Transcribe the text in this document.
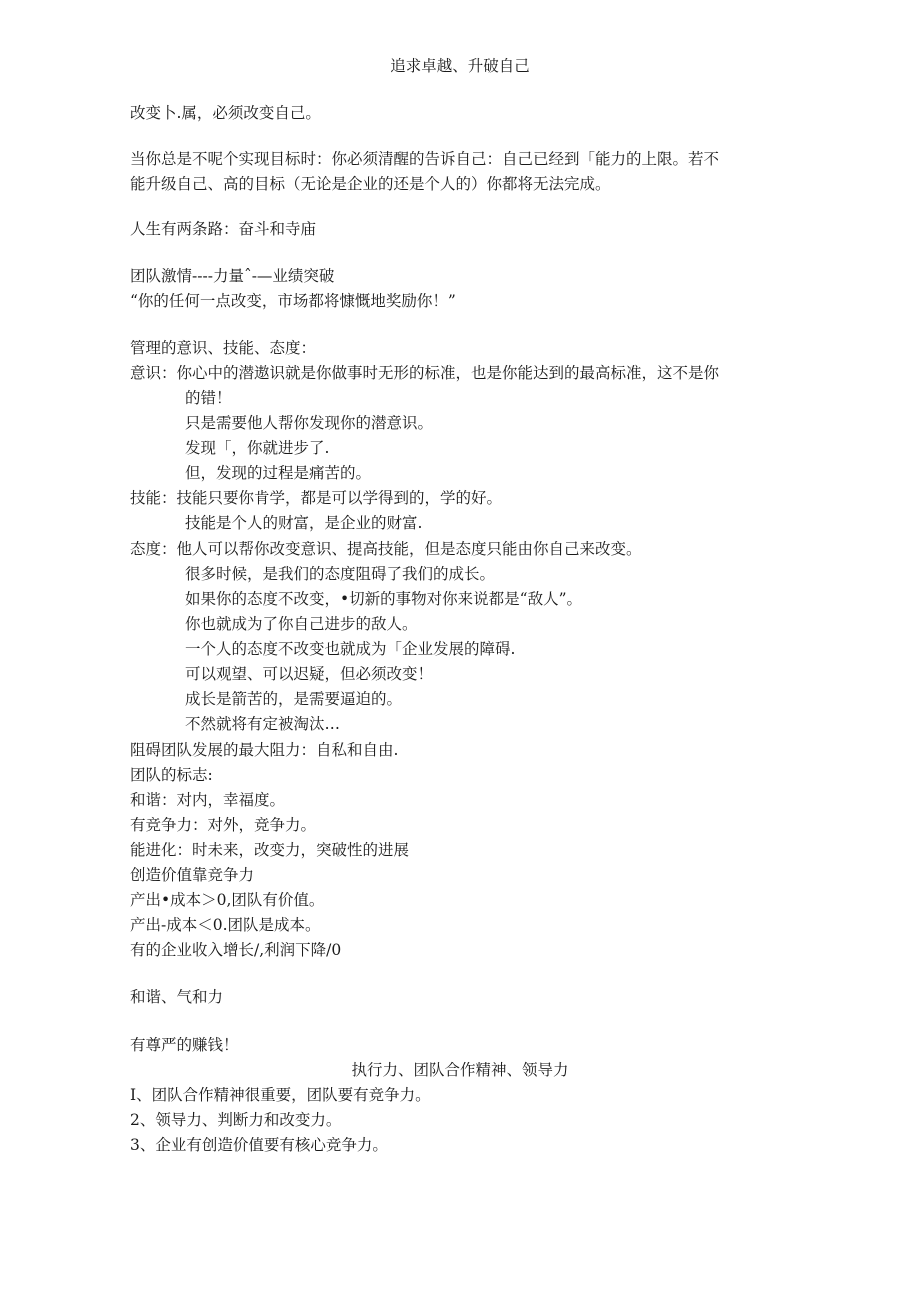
追求卓越、升破自己
改变卜.属，必须改变自己。
当你总是不呢个实现目标时：你必须清醒的告诉自己：自己已经到「能力的上限。若不
能升级自己、高的目标（无论是企业的还是个人的）你都将无法完成。
人生有两条路：奋斗和寺庙
团队激情----力量ˆ-—业绩突破
“你的任何一点改变，市场都将慷慨地奖励你！”
管理的意识、技能、态度：
意识：你心中的潜遨识就是你做事时无形的标准，也是你能达到的最高标准，这不是你
的错！
只是需要他人帮你发现你的潜意识。
发现「，你就进步了.
但，发现的过程是痛苦的。
技能：技能只要你肯学，都是可以学得到的，学的好。
技能是个人的财富，是企业的财富.
态度：他人可以帮你改变意识、提高技能，但是态度只能由你自己来改变。
很多时候，是我们的态度阻碍了我们的成长。
如果你的态度不改变，•切新的事物对你来说都是“敌人”。
你也就成为了你自己进步的敌人。
一个人的态度不改变也就成为「企业发展的障碍.
可以观望、可以迟疑，但必须改变！
成长是箭苦的，是需要逼迫的。
不然就将有定被淘汰…
阻碍团队发展的最大阻力：自私和自由.
团队的标志:
和谐：对内，幸福度。
有竞争力：对外，竞争力。
能进化：时未来，改变力，突破性的进展
创造价值靠竞争力
产出•成本＞0,团队有价值。
产出-成本＜0.团队是成本。
有的企业收入增长/,利润下降/0
和谐、气和力
有尊严的赚钱！
执行力、团队合作精神、领导力
I、团队合作精神很重要，团队要有竞争力。
2、领导力、判断力和改变力。
3、企业有创造价值要有核心竞争力。
